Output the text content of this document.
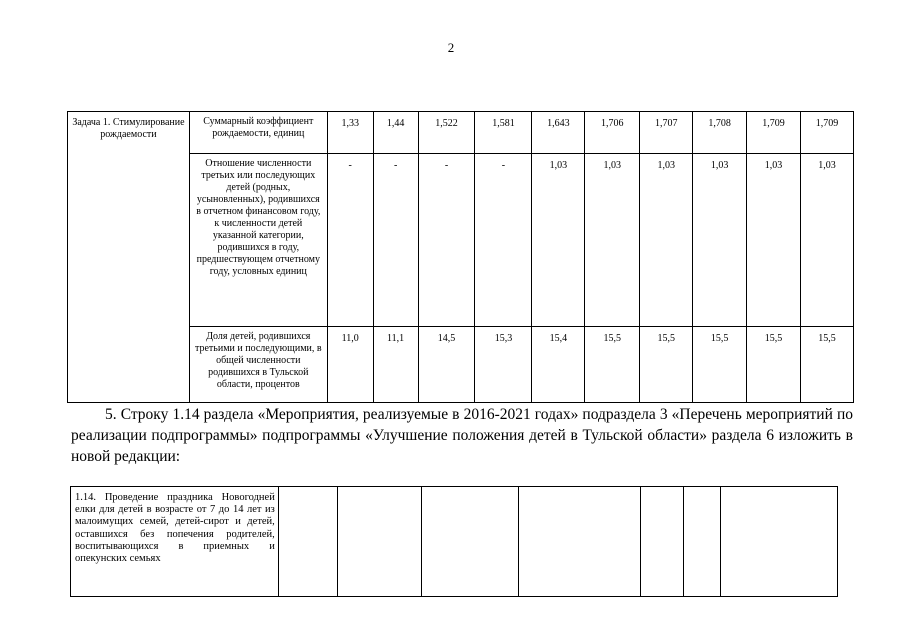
2
Задача 1. Стимулирование рождаемости	Суммарный коэффициент рождаемости, единиц	1,33	1,44	1,522	1,581	1,643	1,706	1,707	1,708	1,709	1,709
	Отношение численности третьих или последующих детей (родных, усыновленных), родившихся в отчетном финансовом году, к численности детей указанной категории, родившихся в году, предшествующем отчетному году, условных единиц	-	-	-	-	1,03	1,03	1,03	1,03	1,03	1,03
	Доля детей, родившихся третьими и последующими, в общей численности родившихся в Тульской области, процентов	11,0	11,1	14,5	15,3	15,4	15,5	15,5	15,5	15,5	15,5
5. Строку 1.14 раздела «Мероприятия, реализуемые в 2016-2021 годах» подраздела 3 «Перечень мероприятий по реализации подпрограммы» подпрограммы «Улучшение положения детей в Тульской области» раздела 6 изложить в новой редакции:
1.14. Проведение праздника Новогодней елки для детей в возрасте от 7 до 14 лет из малоимущих семей, детей-сирот и детей, оставшихся без попечения родителей, воспитывающихся в приемных и опекунских семьях							
